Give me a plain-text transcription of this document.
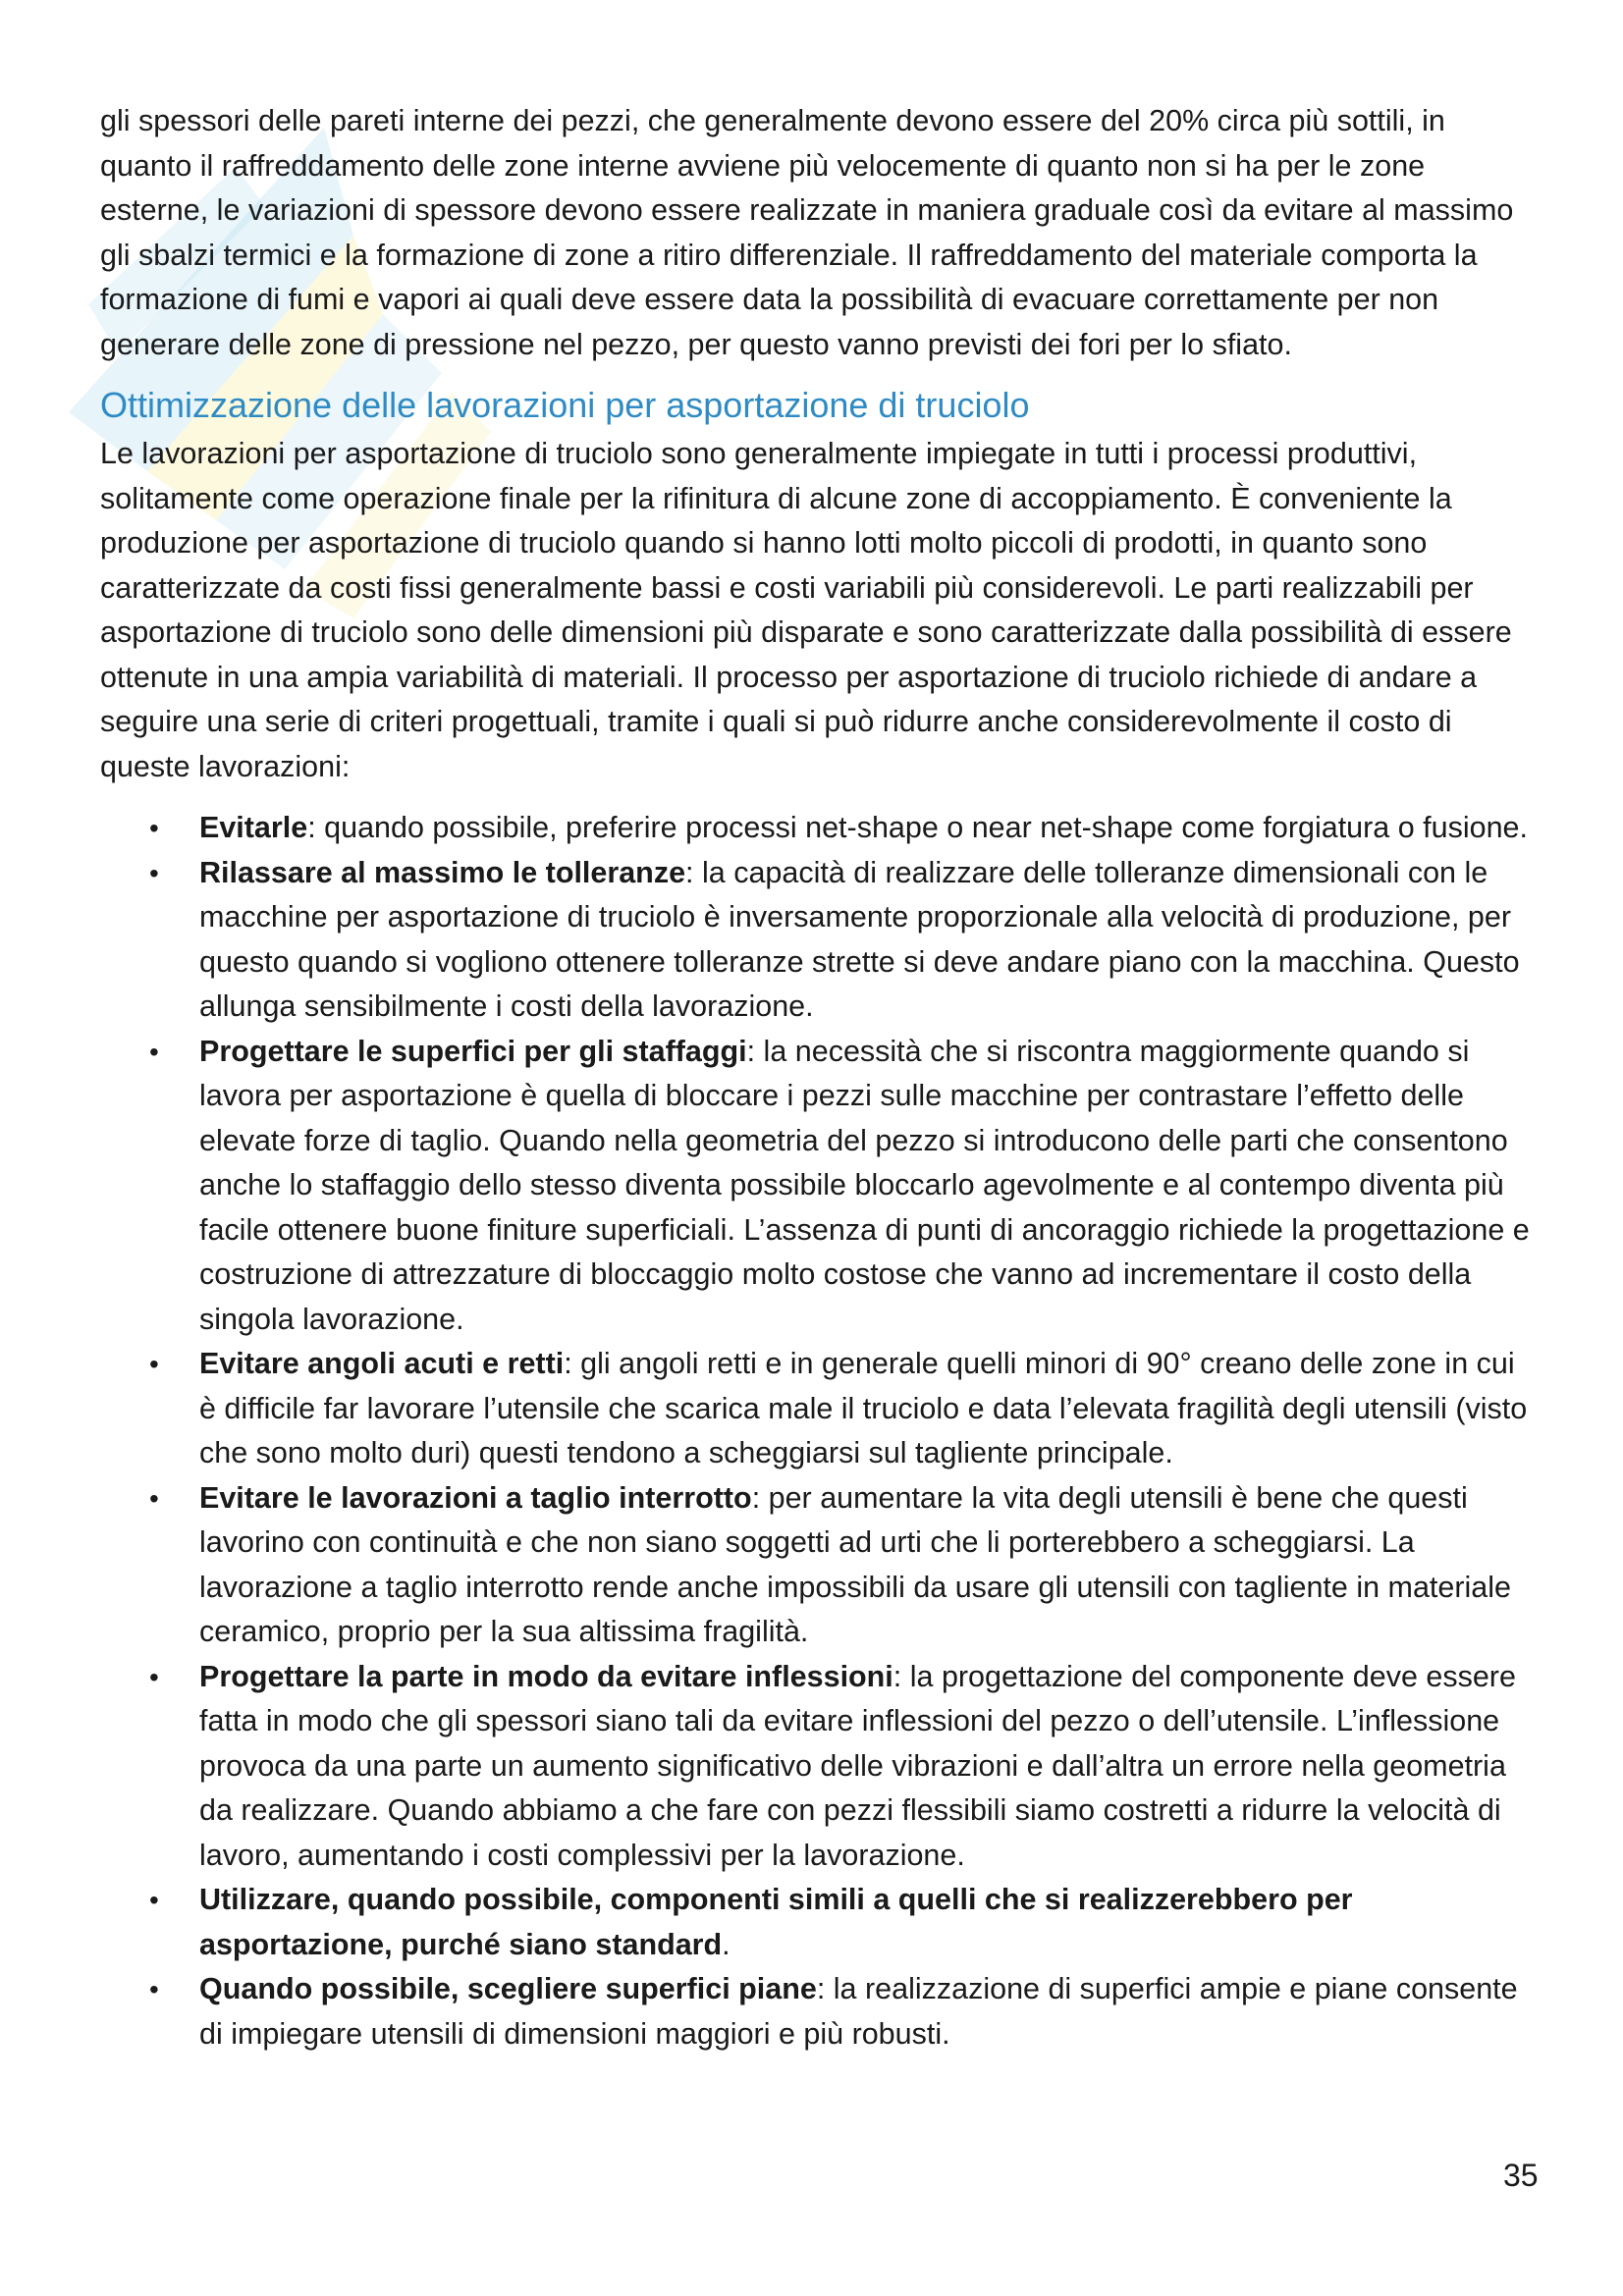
gli spessori delle pareti interne dei pezzi, che generalmente devono essere del 20% circa più sottili, in quanto il raffreddamento delle zone interne avviene più velocemente di quanto non si ha per le zone esterne, le variazioni di spessore devono essere realizzate in maniera graduale così da evitare al massimo gli sbalzi termici e la formazione di zone a ritiro differenziale. Il raffreddamento del materiale comporta la formazione di fumi e vapori ai quali deve essere data la possibilità di evacuare correttamente per non generare delle zone di pressione nel pezzo, per questo vanno previsti dei fori per lo sfiato.

Ottimizzazione delle lavorazioni per asportazione di truciolo

Le lavorazioni per asportazione di truciolo sono generalmente impiegate in tutti i processi produttivi, solitamente come operazione finale per la rifinitura di alcune zone di accoppiamento. È conveniente la produzione per asportazione di truciolo quando si hanno lotti molto piccoli di prodotti, in quanto sono caratterizzate da costi fissi generalmente bassi e costi variabili più considerevoli. Le parti realizzabili per asportazione di truciolo sono delle dimensioni più disparate e sono caratterizzate dalla possibilità di essere ottenute in una ampia variabilità di materiali. Il processo per asportazione di truciolo richiede di andare a seguire una serie di criteri progettuali, tramite i quali si può ridurre anche considerevolmente il costo di queste lavorazioni:

•	Evitarle: quando possibile, preferire processi net-shape o near net-shape come forgiatura o fusione.
•	Rilassare al massimo le tolleranze: la capacità di realizzare delle tolleranze dimensionali con le macchine per asportazione di truciolo è inversamente proporzionale alla velocità di produzione, per questo quando si vogliono ottenere tolleranze strette si deve andare piano con la macchina. Questo allunga sensibilmente i costi della lavorazione.
•	Progettare le superfici per gli staffaggi: la necessità che si riscontra maggiormente quando si lavora per asportazione è quella di bloccare i pezzi sulle macchine per contrastare l’effetto delle elevate forze di taglio. Quando nella geometria del pezzo si introducono delle parti che consentono anche lo staffaggio dello stesso diventa possibile bloccarlo agevolmente e al contempo diventa più facile ottenere buone finiture superficiali. L’assenza di punti di ancoraggio richiede la progettazione e costruzione di attrezzature di bloccaggio molto costose che vanno ad incrementare il costo della singola lavorazione.
•	Evitare angoli acuti e retti: gli angoli retti e in generale quelli minori di 90° creano delle zone in cui è difficile far lavorare l’utensile che scarica male il truciolo e data l’elevata fragilità degli utensili (visto che sono molto duri) questi tendono a scheggiarsi sul tagliente principale.
•	Evitare le lavorazioni a taglio interrotto: per aumentare la vita degli utensili è bene che questi lavorino con continuità e che non siano soggetti ad urti che li porterebbero a scheggiarsi. La lavorazione a taglio interrotto rende anche impossibili da usare gli utensili con tagliente in materiale ceramico, proprio per la sua altissima fragilità.
•	Progettare la parte in modo da evitare inflessioni: la progettazione del componente deve essere fatta in modo che gli spessori siano tali da evitare inflessioni del pezzo o dell’utensile. L’inflessione provoca da una parte un aumento significativo delle vibrazioni e dall’altra un errore nella geometria da realizzare. Quando abbiamo a che fare con pezzi flessibili siamo costretti a ridurre la velocità di lavoro, aumentando i costi complessivi per la lavorazione.
•	Utilizzare, quando possibile, componenti simili a quelli che si realizzerebbero per asportazione, purché siano standard.
•	Quando possibile, scegliere superfici piane: la realizzazione di superfici ampie e piane consente di impiegare utensili di dimensioni maggiori e più robusti.
35
